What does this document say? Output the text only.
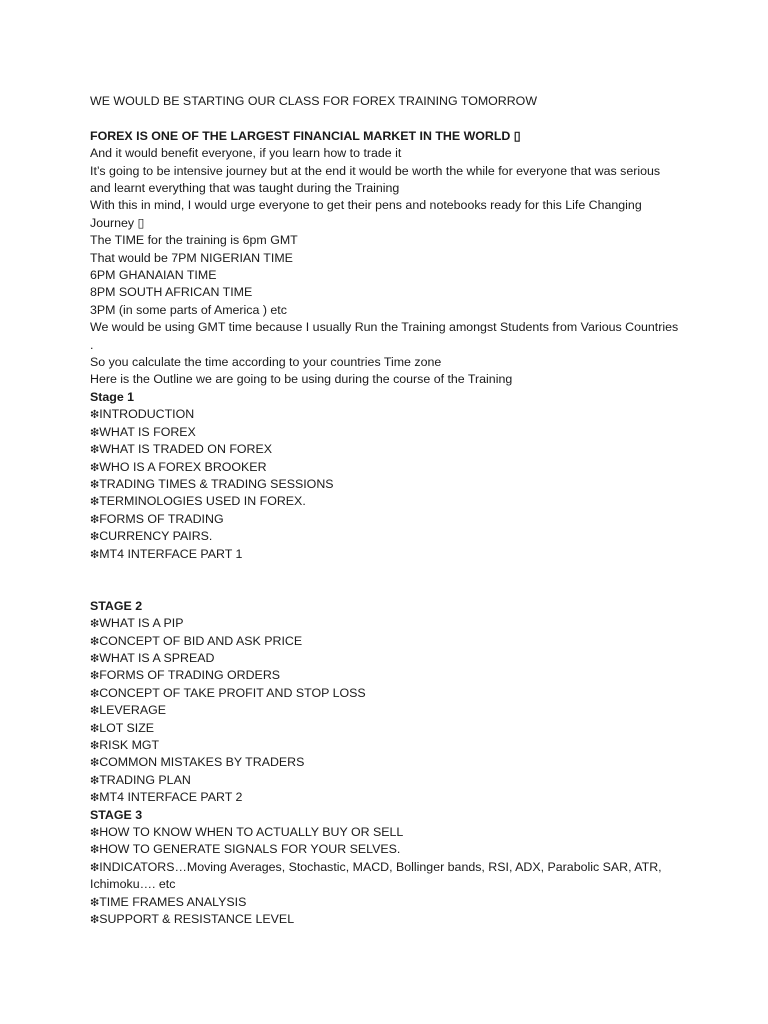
WE WOULD BE STARTING OUR CLASS FOR FOREX TRAINING TOMORROW

FOREX IS ONE OF THE LARGEST FINANCIAL MARKET IN THE WORLD ▯

And it would benefit everyone, if you learn how to trade it

It’s going to be intensive journey but at the end it would be worth the while for everyone that was serious and learnt everything that was taught during the Training

With this in mind, I would urge everyone to get their pens and notebooks ready for this Life Changing Journey ▯

The TIME for the training is 6pm GMT

That would be 7PM NIGERIAN TIME

6PM GHANAIAN TIME

8PM SOUTH AFRICAN TIME

3PM (in some parts of America ) etc

We would be using GMT time because I usually Run the Training amongst Students from Various Countries .

So you calculate the time according to your countries Time zone

Here is the Outline we are going to be using during the course of the Training

Stage 1

❇INTRODUCTION

❇WHAT IS FOREX

❇WHAT IS TRADED ON FOREX

❇WHO IS A FOREX BROOKER

❇TRADING TIMES & TRADING SESSIONS

❇TERMINOLOGIES USED IN FOREX.

❇FORMS OF TRADING

❇CURRENCY PAIRS.

❇MT4 INTERFACE PART 1

STAGE 2

❇WHAT IS A PIP

❇CONCEPT OF BID AND ASK PRICE

❇WHAT IS A SPREAD

❇FORMS OF TRADING ORDERS

❇CONCEPT OF TAKE PROFIT AND STOP LOSS

❇LEVERAGE

❇LOT SIZE

❇RISK MGT

❇COMMON MISTAKES BY TRADERS

❇TRADING PLAN

❇MT4 INTERFACE PART 2

STAGE 3

❇HOW TO KNOW WHEN TO ACTUALLY BUY OR SELL

❇HOW TO GENERATE SIGNALS FOR YOUR SELVES.

❇INDICATORS…Moving Averages, Stochastic, MACD, Bollinger bands, RSI, ADX, Parabolic SAR, ATR, Ichimoku…. etc

❇TIME FRAMES ANALYSIS

❇SUPPORT & RESISTANCE LEVEL
